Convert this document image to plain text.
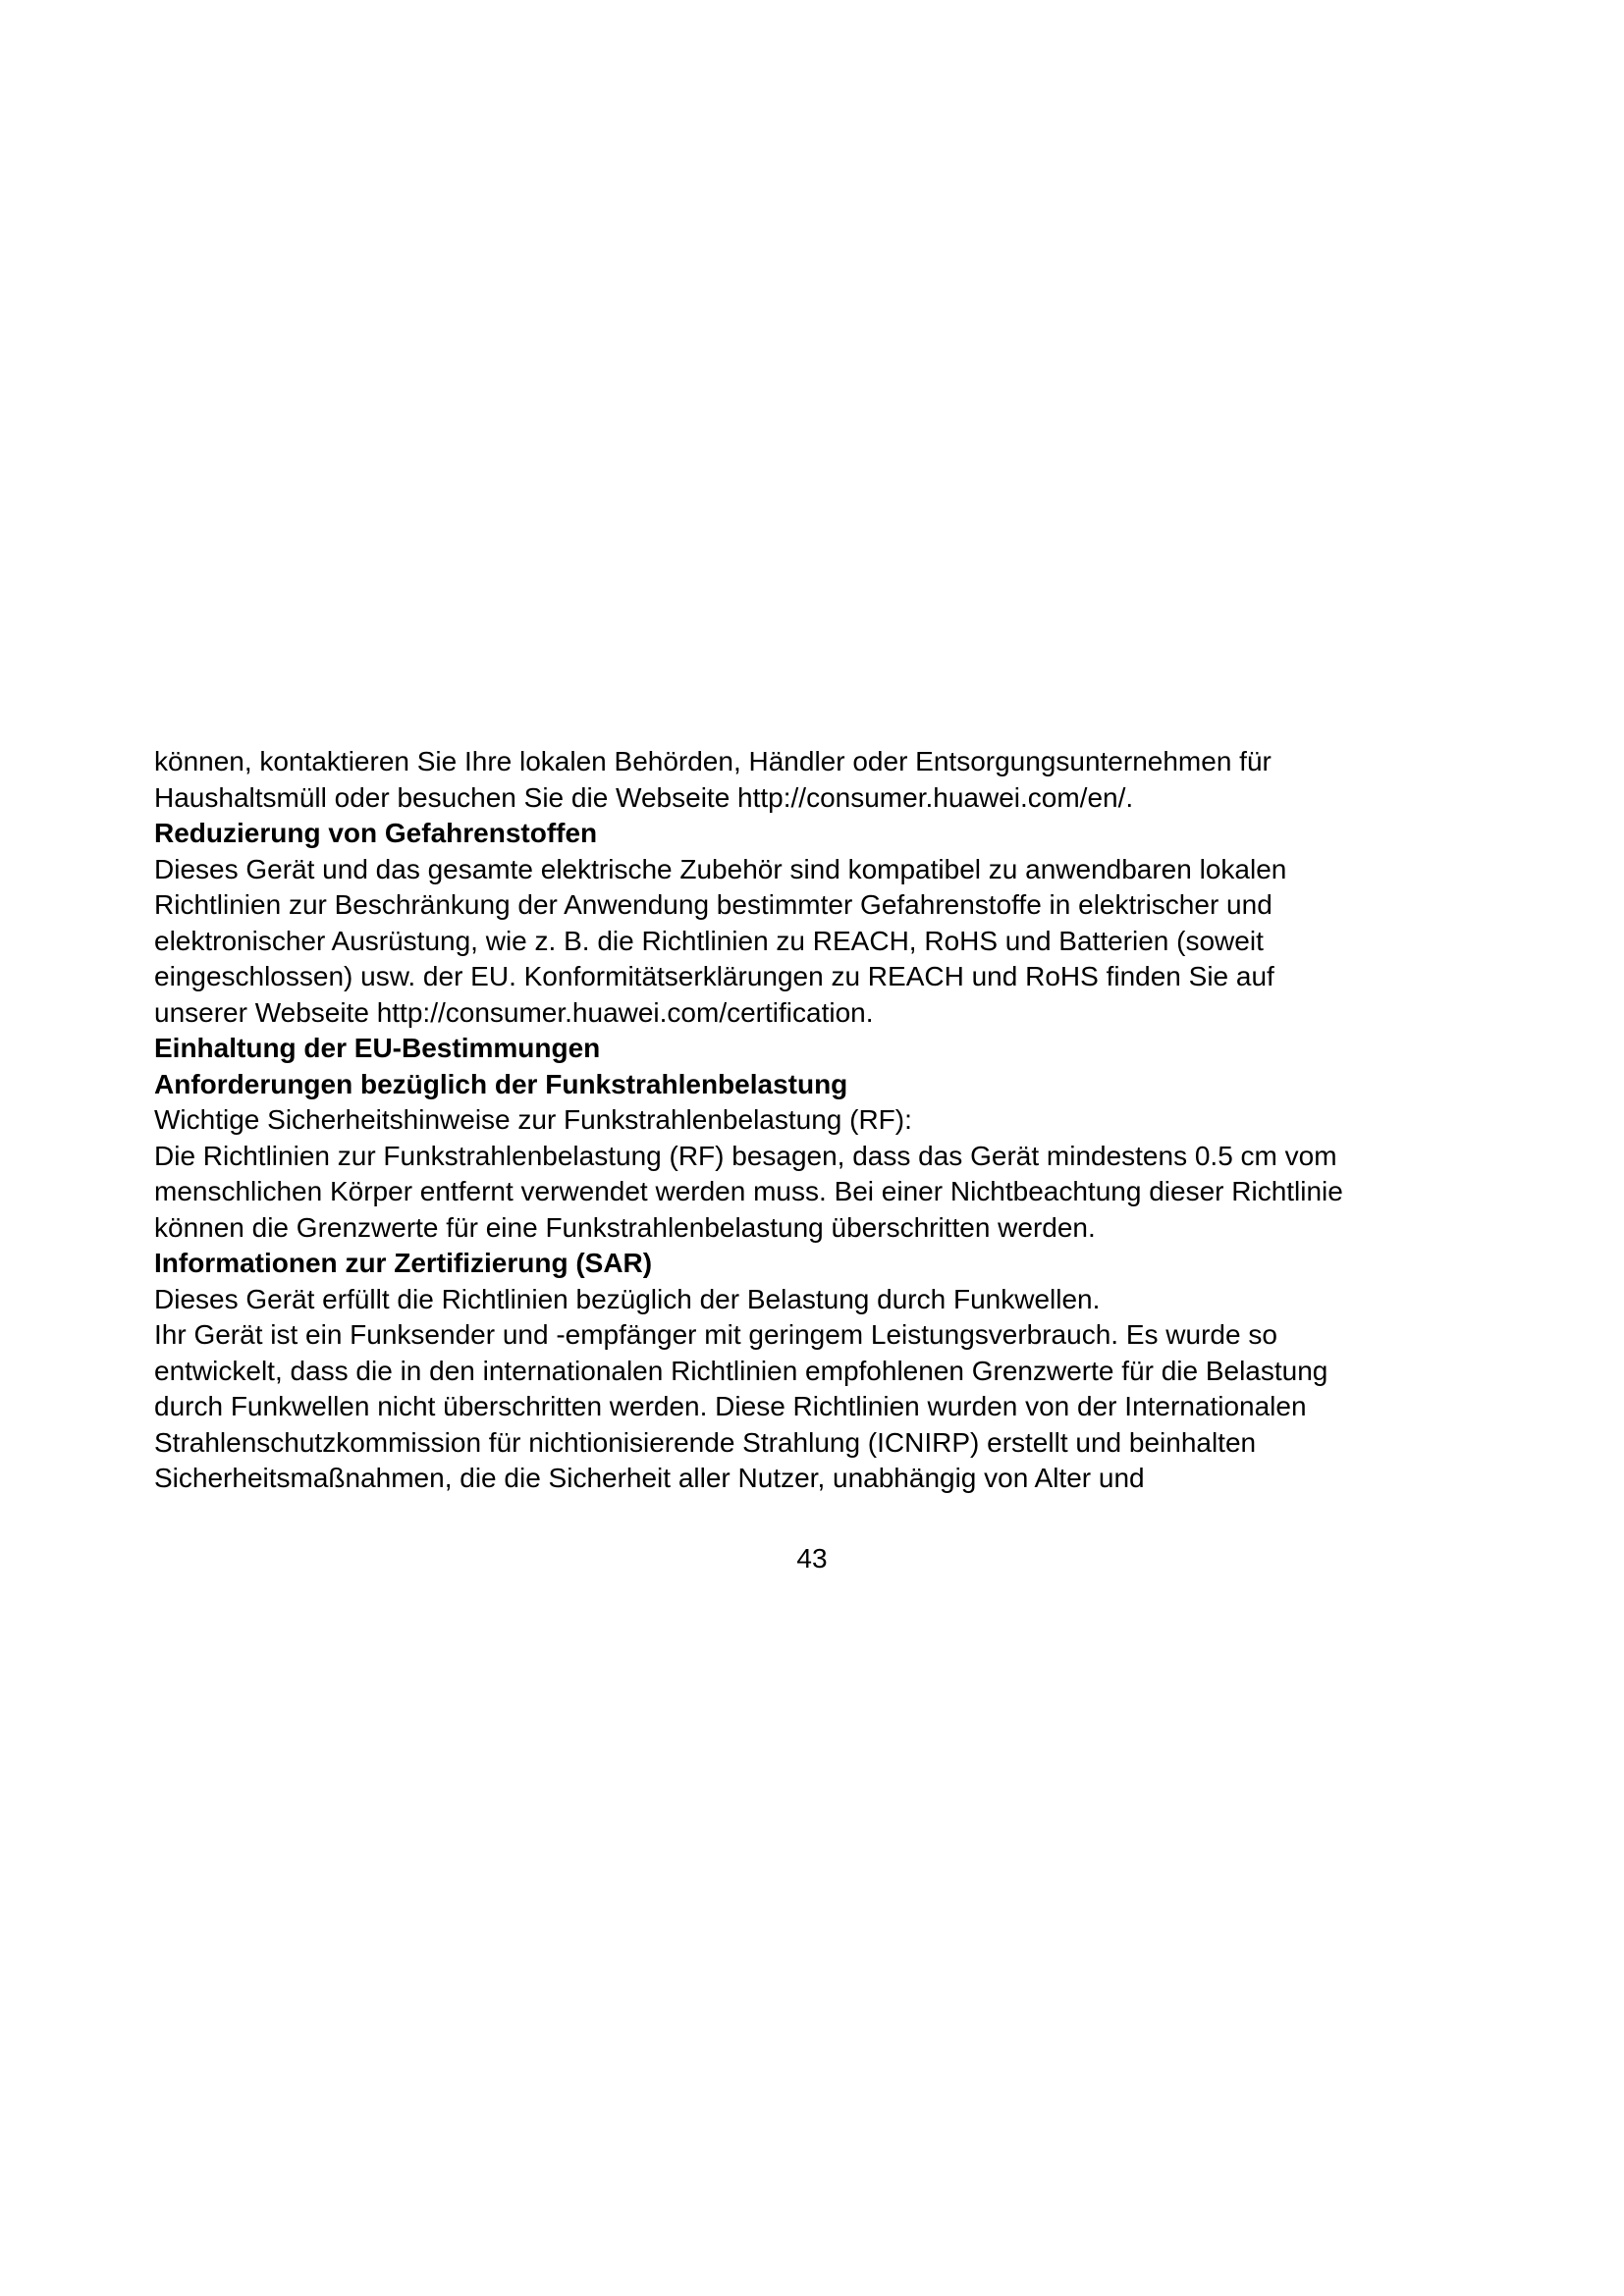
können, kontaktieren Sie Ihre lokalen Behörden, Händler oder Entsorgungsunternehmen für
Haushaltsmüll oder besuchen Sie die Webseite http://consumer.huawei.com/en/.

Reduzierung von Gefahrenstoffen

Dieses Gerät und das gesamte elektrische Zubehör sind kompatibel zu anwendbaren lokalen
Richtlinien zur Beschränkung der Anwendung bestimmter Gefahrenstoffe in elektrischer und
elektronischer Ausrüstung, wie z. B. die Richtlinien zu REACH, RoHS und Batterien (soweit
eingeschlossen) usw. der EU. Konformitätserklärungen zu REACH und RoHS finden Sie auf
unserer Webseite http://consumer.huawei.com/certification.

Einhaltung der EU-Bestimmungen

Anforderungen bezüglich der Funkstrahlenbelastung

Wichtige Sicherheitshinweise zur Funkstrahlenbelastung (RF):
Die Richtlinien zur Funkstrahlenbelastung (RF) besagen, dass das Gerät mindestens 0.5 cm vom
menschlichen Körper entfernt verwendet werden muss. Bei einer Nichtbeachtung dieser Richtlinie
können die Grenzwerte für eine Funkstrahlenbelastung überschritten werden.

Informationen zur Zertifizierung (SAR)

Dieses Gerät erfüllt die Richtlinien bezüglich der Belastung durch Funkwellen.
Ihr Gerät ist ein Funksender und -empfänger mit geringem Leistungsverbrauch. Es wurde so
entwickelt, dass die in den internationalen Richtlinien empfohlenen Grenzwerte für die Belastung
durch Funkwellen nicht überschritten werden. Diese Richtlinien wurden von der Internationalen
Strahlenschutzkommission für nichtionisierende Strahlung (ICNIRP) erstellt und beinhalten
Sicherheitsmaßnahmen, die die Sicherheit aller Nutzer, unabhängig von Alter und

43
